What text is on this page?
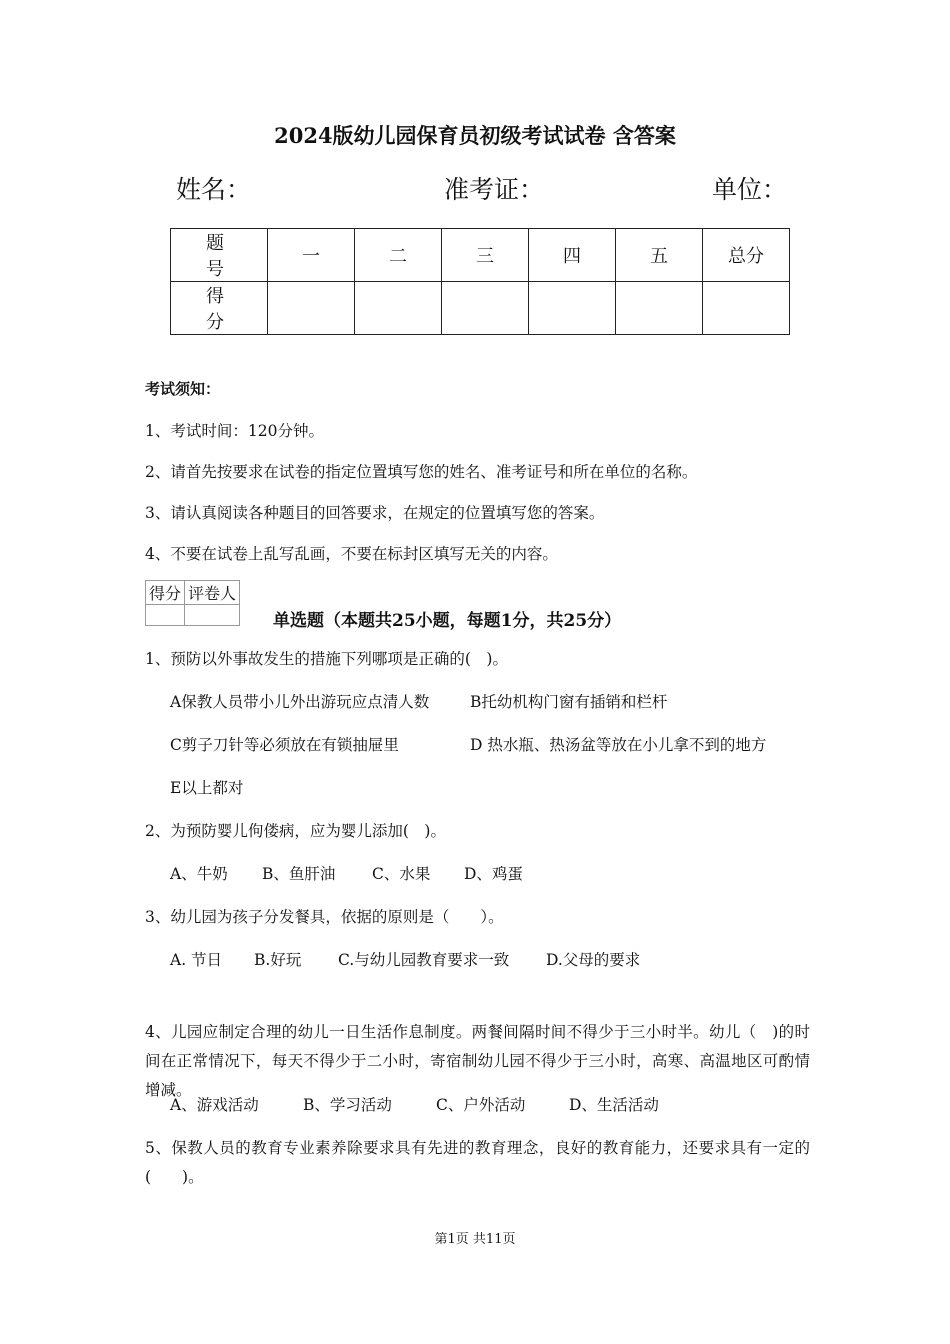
2024版幼儿园保育员初级考试试卷 含答案
姓名：	准考证：	单位：
题　号	一	二	三	四	五	总分
得　分						
考试须知：
1、考试时间：120分钟。
2、请首先按要求在试卷的指定位置填写您的姓名、准考证号和所在单位的名称。
3、请认真阅读各种题目的回答要求，在规定的位置填写您的答案。
4、不要在试卷上乱写乱画，不要在标封区填写无关的内容。
得分	评卷人

单选题（本题共25小题，每题1分，共25分）
1、预防以外事故发生的措施下列哪项是正确的(　)。
A保教人员带小儿外出游玩应点清人数	B托幼机构门窗有插销和栏杆
C剪子刀针等必须放在有锁抽屉里	D 热水瓶、热汤盆等放在小儿拿不到的地方
E以上都对
2、为预防婴儿佝偻病，应为婴儿添加(　)。
A、牛奶 B、鱼肝油 C、水果 D、鸡蛋
3、幼儿园为孩子分发餐具，依据的原则是（　　）。
A. 节日 B.好玩 C.与幼儿园教育要求一致 D.父母的要求
4、儿园应制定合理的幼儿一日生活作息制度。两餐间隔时间不得少于三小时半。幼儿（　)的时间在正常情况下，每天不得少于二小时，寄宿制幼儿园不得少于三小时，高寒、高温地区可酌情增减。
A、游戏活动	B、学习活动	C、户外活动	D、生活活动
5、保教人员的教育专业素养除要求具有先进的教育理念，良好的教育能力，还要求具有一定的(　　)。
第1页 共11页
